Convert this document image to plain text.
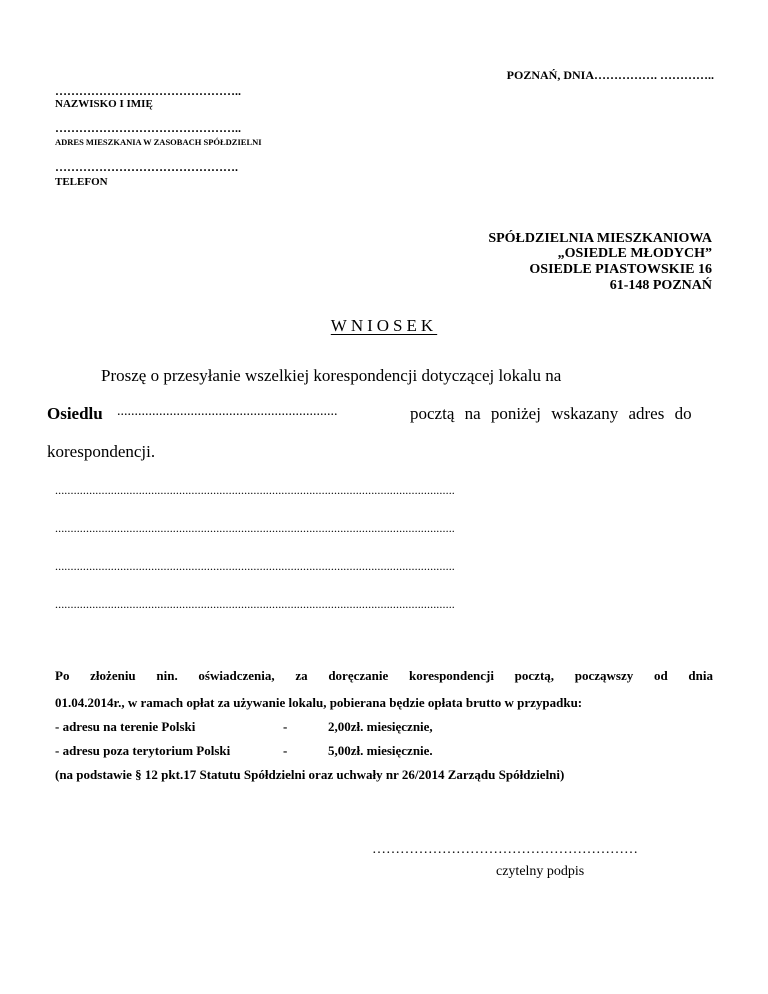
POZNAŃ, DNIA……………. …………..
………………………………………..
NAZWISKO I IMIĘ
………………………………………..
ADRES MIESZKANIA W ZASOBACH SPÓŁDZIELNI
……………………………………….
TELEFON
SPÓŁDZIELNIA MIESZKANIOWA
„OSIEDLE MŁODYCH”
OSIEDLE PIASTOWSKIE 16
61-148 POZNAŃ
WNIOSEK
Proszę o przesyłanie wszelkiej korespondencji dotyczącej lokalu na
Osiedlu ...............................................................	pocztą na poniżej wskazany adres do
korespondencji.
.................................................................................................................................
.................................................................................................................................
.................................................................................................................................
.................................................................................................................................
Po złożeniu nin. oświadczenia, za doręczanie korespondencji pocztą, począwszy od dnia
01.04.2014r., w ramach opłat za używanie lokalu, pobierana będzie opłata brutto w przypadku:
- adresu na terenie Polski	-	2,00zł. miesięcznie,
- adresu poza terytorium Polski	-	5,00zł. miesięcznie.
(na podstawie § 12 pkt.17 Statutu Spółdzielni oraz uchwały nr 26/2014 Zarządu Spółdzielni)
…………………………………………………
czytelny podpis
